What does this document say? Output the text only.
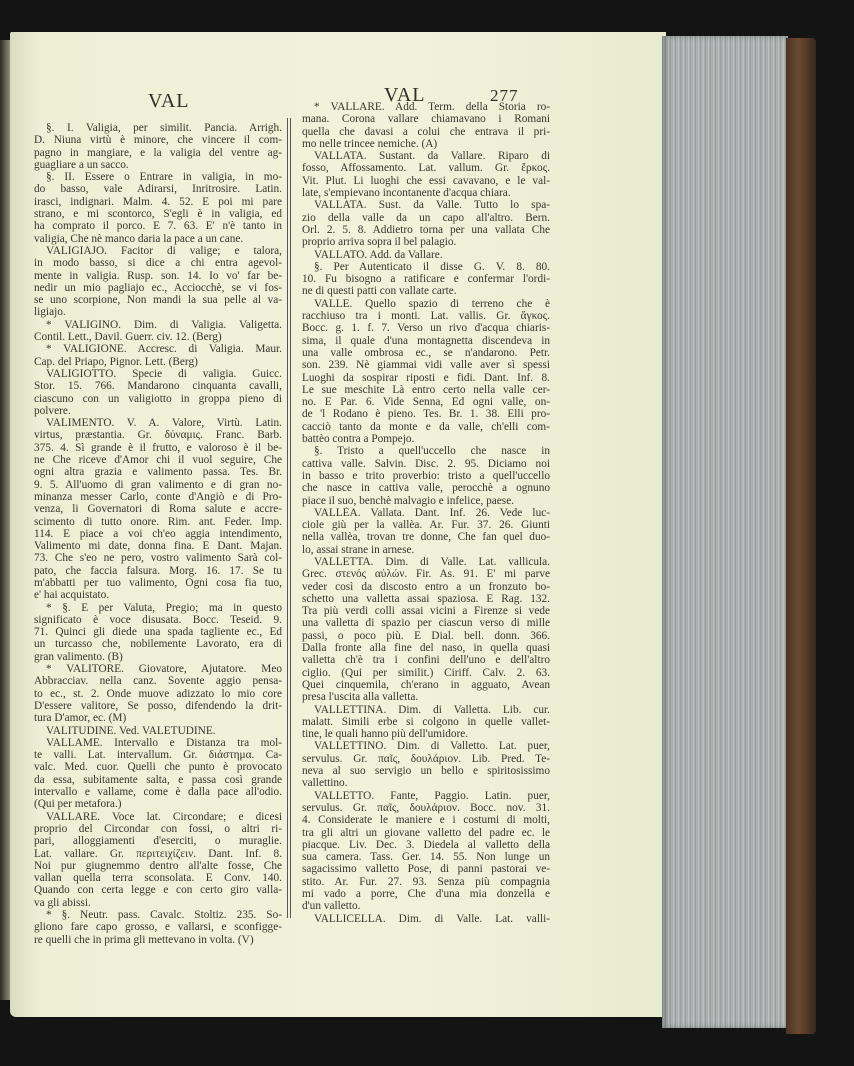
VAL	VAL	277
§. I. Valigia, per similit. Pancia. Arrigh.
D. Niuna virtù è minore, che vincere il com-
pagno in mangiare, e la valigia del ventre ag-
guagliare a un sacco.
§. II. Essere o Entrare in valigia, in mo-
do basso, vale Adirarsi, Inritrosire. Latin.
irasci, indignari. Malm. 4. 52. E poi mi pare
strano, e mi scontorco, S'egli è in valigia, ed
ha comprato il porco. E 7. 63. E' n'è tanto in
valigia, Che nè manco daria la pace a un cane.
VALIGIAJO. Facitor di valige; e talora,
in modo basso, si dice a chi entra agevol-
mente in valigia. Rusp. son. 14. Io vo' far be-
nedir un mio pagliajo ec., Acciocchè, se vi fos-
se uno scorpione, Non mandi la sua pelle al va-
ligiajo.
* VALIGINO. Dim. di Valigia. Valigetta.
Contil. Lett., Davil. Guerr. civ. 12. (Berg)
* VALIGIONE. Accresc. di Valigia. Maur.
Cap. del Priapo, Pignor. Lett. (Berg)
VALIGIOTTO. Specie di valigia. Guicc.
Stor. 15. 766. Mandarono cinquanta cavalli,
ciascuno con un valigiotto in groppa pieno di
polvere.
VALIMENTO. V. A. Valore, Virtù. Latin.
virtus, præstantia. Gr. δύναμις. Franc. Barb.
375. 4. Sì grande è il frutto, e valoroso è il be-
ne Che riceve d'Amor chi il vuol seguire, Che
ogni altra grazia e valimento passa. Tes. Br.
9. 5. All'uomo di gran valimento e di gran no-
minanza messer Carlo, conte d'Angiò e di Pro-
venza, li Governatori di Roma salute e accre-
scimento di tutto onore. Rim. ant. Feder. Imp.
114. E piace a voi ch'eo aggia intendimento,
Valimento mi date, donna fina. E Dant. Majan.
73. Che s'eo ne pero, vostro valimento Sarà col-
pato, che faccia falsura. Morg. 16. 17. Se tu
m'abbatti per tuo valimento, Ogni cosa fia tuo,
e' hai acquistato.
* §. E per Valuta, Pregio; ma in questo
significato è voce disusata. Bocc. Teseid. 9.
71. Quinci gli diede una spada tagliente ec., Ed
un turcasso che, nobilemente Lavorato, era di
gran valimento. (B)
* VALITORE. Giovatore, Ajutatore. Meo
Abbracciav. nella canz. Sovente aggio pensa-
to ec., st. 2. Onde muove adizzato lo mio core
D'essere valitore, Se posso, difendendo la drit-
tura D'amor, ec. (M)
VALITUDINE. Ved. VALETUDINE.
VALLAME. Intervallo e Distanza tra mol-
te valli. Lat. intervallum. Gr. διάστημα. Ca-
valc. Med. cuor. Quelli che punto è provocato
da essa, subitamente salta, e passa così grande
intervallo e vallame, come è dalla pace all'odio.
(Qui per metafora.)
VALLARE. Voce lat. Circondare; e dicesi
proprio del Circondar con fossi, o altri ri-
pari, alloggiamenti d'eserciti, o muraglie.
Lat. vallare. Gr. περιτειχίζειν. Dant. Inf. 8.
Noi pur giugnemmo dentro all'alte fosse, Che
vallan quella terra sconsolata. E Conv. 140.
Quando con certa legge e con certo giro valla-
va gli abissi.
* §. Neutr. pass. Cavalc. Stoltiz. 235. So-
gliono fare capo grosso, e vallarsi, e sconfigge-
re quelli che in prima gli mettevano in volta. (V)
* VALLARE. Add. Term. della Storia ro-
mana. Corona vallare chiamavano i Romani
quella che davasi a colui che entrava il pri-
mo nelle trincee nemiche. (A)
VALLATA. Sustant. da Vallare. Riparo di
fosso, Affossamento. Lat. vallum. Gr. ἔρκος.
Vit. Plut. Li luoghi che essi cavavano, e le val-
late, s'empievano incontanente d'acqua chiara.
VALLATA. Sust. da Valle. Tutto lo spa-
zio della valle da un capo all'altro. Bern.
Orl. 2. 5. 8. Addietro torna per una vallata Che
proprio arriva sopra il bel palagio.
VALLATO. Add. da Vallare.
§. Per Autenticato il disse G. V. 8. 80.
10. Fu bisogno a ratificare e confermar l'ordi-
ne di questi patti con vallate carte.
VALLE. Quello spazio di terreno che è
racchiuso tra i monti. Lat. vallis. Gr. ἄγκος.
Bocc. g. 1. f. 7. Verso un rivo d'acqua chiaris-
sima, il quale d'una montagnetta discendeva in
una valle ombrosa ec., se n'andarono. Petr.
son. 239. Nè giammai vidi valle aver sì spessi
Luoghi da sospirar riposti e fidi. Dant. Inf. 8.
Le sue meschite Là entro certo nella valle cer-
no. E Par. 6. Vide Senna, Ed ogni valle, on-
de 'l Rodano è pieno. Tes. Br. 1. 38. Elli pro-
cacciò tanto da monte e da valle, ch'elli com-
battèo contra a Pompejo.
§. Tristo a quell'uccello che nasce in
cattiva valle. Salvin. Disc. 2. 95. Diciamo noi
in basso e trito proverbio: tristo a quell'uccello
che nasce in cattiva valle, perocchè a ognuno
piace il suo, benchè malvagio e infelice, paese.
VALLÈA. Vallata. Dant. Inf. 26. Vede luc-
ciole giù per la vallèa. Ar. Fur. 37. 26. Giunti
nella vallèa, trovan tre donne, Che fan quel duo-
lo, assai strane in arnese.
VALLETTA. Dim. di Valle. Lat. vallicula.
Grec. στενός αὐλών. Fir. As. 91. E' mi parve
veder così da discosto entro a un fronzuto bo-
schetto una valletta assai spaziosa. E Rag. 132.
Tra più verdi colli assai vicini a Firenze si vede
una valletta di spazio per ciascun verso di mille
passi, o poco più. E Dial. bell. donn. 366.
Dalla fronte alla fine del naso, in quella quasi
valletta ch'è tra i confini dell'uno e dell'altro
ciglio. (Qui per similit.) Ciriff. Calv. 2. 63.
Quei cinquemila, ch'erano in agguato, Avean
presa l'uscita alla valletta.
VALLETTINA. Dim. di Valletta. Lib. cur.
malatt. Simili erbe si colgono in quelle vallet-
tine, le quali hanno più dell'umidore.
VALLETTINO. Dim. di Valletto. Lat. puer,
servulus. Gr. παῖς, δουλάριον. Lib. Pred. Te-
neva al suo servigio un bello e spiritosissimo
vallettino.
VALLETTO. Fante, Paggio. Latin. puer,
servulus. Gr. παῖς, δουλάριον. Bocc. nov. 31.
4. Considerate le maniere e i costumi di molti,
tra gli altri un giovane valletto del padre ec. le
piacque. Liv. Dec. 3. Diedela al valletto della
sua camera. Tass. Ger. 14. 55. Non lunge un
sagacissimo valletto Pose, di panni pastorai ve-
stito. Ar. Fur. 27. 93. Senza più compagnia
mi vado a porre, Che d'una mia donzella e
d'un valletto.
VALLICELLA. Dim. di Valle. Lat. valli-
